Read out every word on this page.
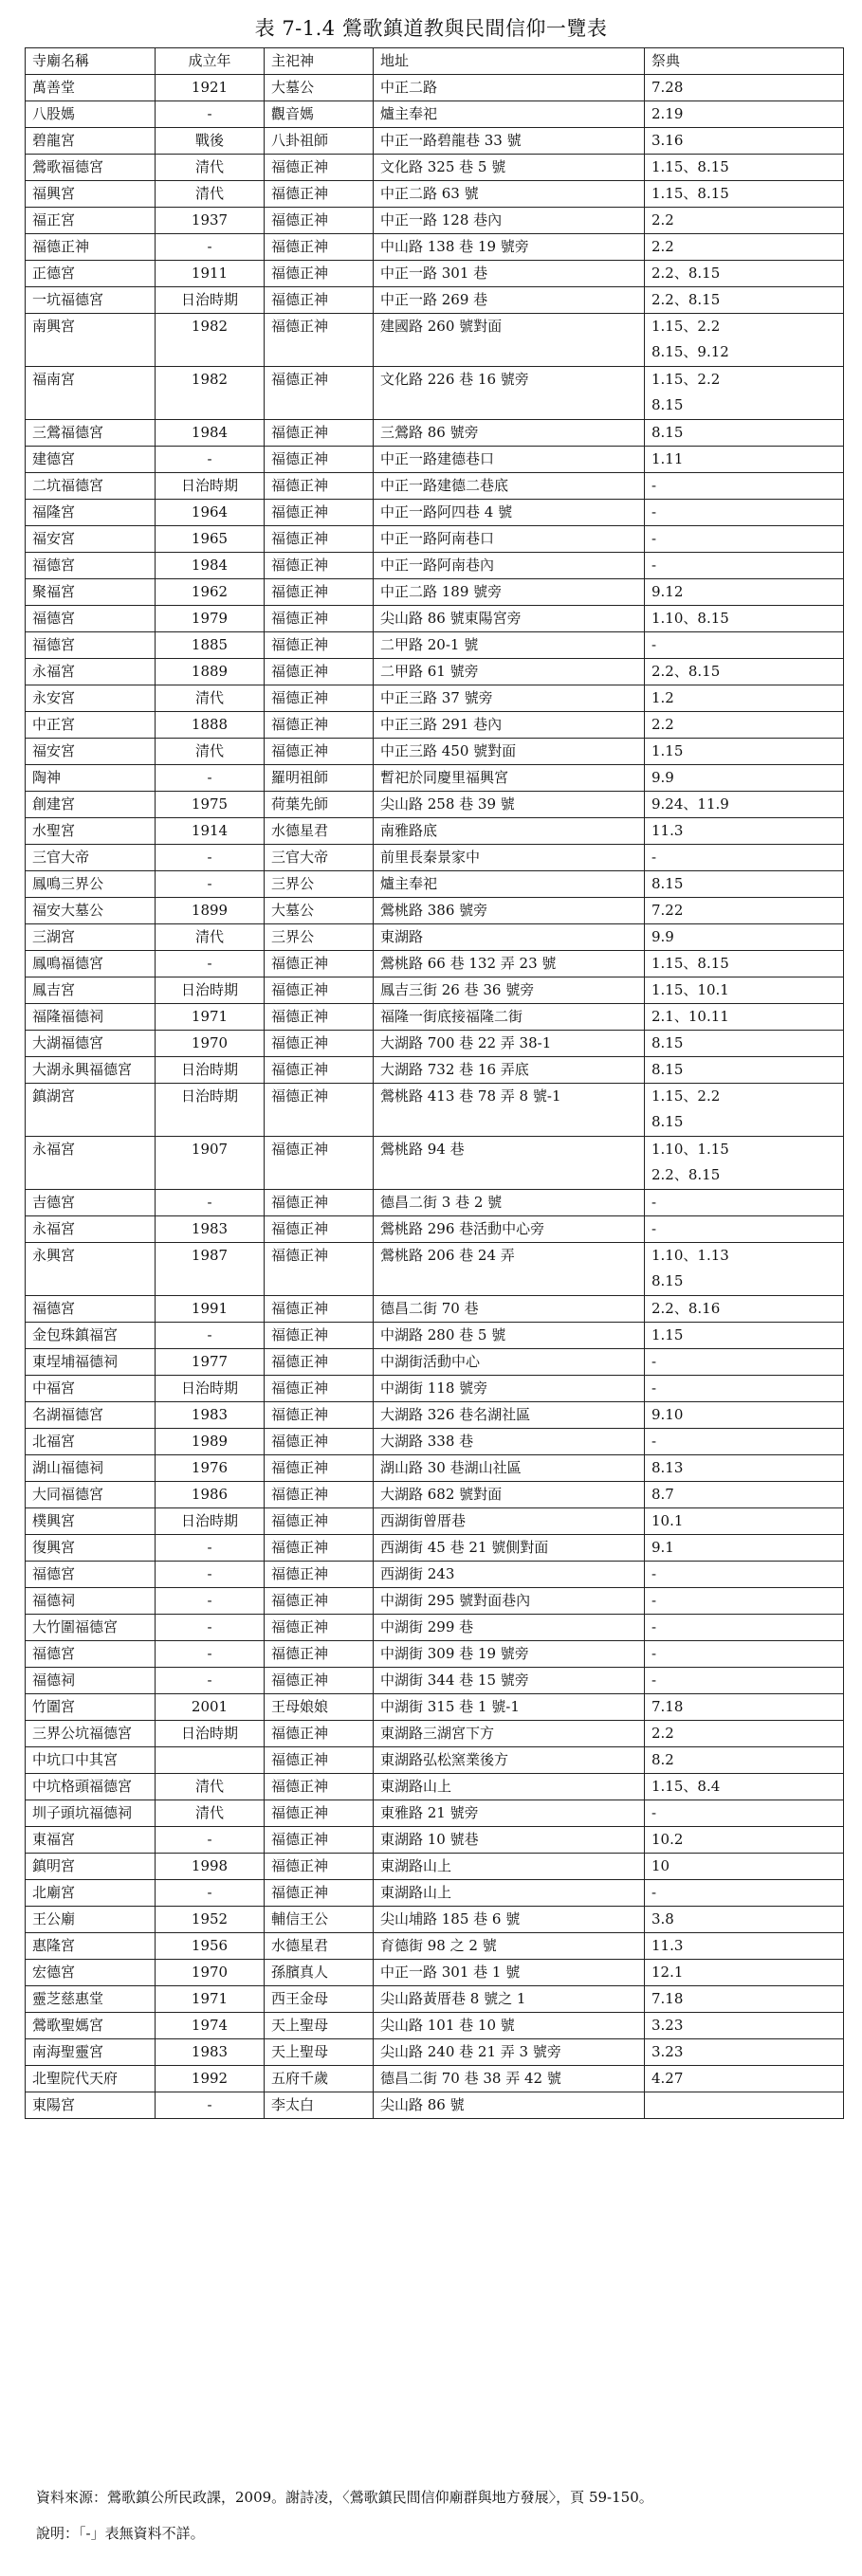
表 7-1.4 鶯歌鎮道教與民間信仰一覽表
寺廟名稱	成立年	主祀神	地址	祭典
萬善堂	1921	大墓公	中正二路	7.28
八股媽	-	觀音媽	爐主奉祀	2.19
碧龍宮	戰後	八卦祖師	中正一路碧龍巷 33 號	3.16
鶯歌福德宮	清代	福德正神	文化路 325 巷 5 號	1.15、8.15
福興宮	清代	福德正神	中正二路 63 號	1.15、8.15
福正宮	1937	福德正神	中正一路 128 巷內	2.2
福德正神	-	福德正神	中山路 138 巷 19 號旁	2.2
正德宮	1911	福德正神	中正一路 301 巷	2.2、8.15
一坑福德宮	日治時期	福德正神	中正一路 269 巷	2.2、8.15
南興宮	1982	福德正神	建國路 260 號對面	1.15、2.2
8.15、9.12
福南宮	1982	福德正神	文化路 226 巷 16 號旁	1.15、2.2
8.15
三鶯福德宮	1984	福德正神	三鶯路 86 號旁	8.15
建德宮	-	福德正神	中正一路建德巷口	1.11
二坑福德宮	日治時期	福德正神	中正一路建德二巷底	-
福隆宮	1964	福德正神	中正一路阿四巷 4 號	-
福安宮	1965	福德正神	中正一路阿南巷口	-
福德宮	1984	福德正神	中正一路阿南巷內	-
聚福宮	1962	福德正神	中正二路 189 號旁	9.12
福德宮	1979	福德正神	尖山路 86 號東陽宮旁	1.10、8.15
福德宮	1885	福德正神	二甲路 20-1 號	-
永福宮	1889	福德正神	二甲路 61 號旁	2.2、8.15
永安宮	清代	福德正神	中正三路 37 號旁	1.2
中正宮	1888	福德正神	中正三路 291 巷內	2.2
福安宮	清代	福德正神	中正三路 450 號對面	1.15
陶神	-	羅明祖師	暫祀於同慶里福興宮	9.9
創建宮	1975	荷葉先師	尖山路 258 巷 39 號	9.24、11.9
水聖宮	1914	水德星君	南雅路底	11.3
三官大帝	-	三官大帝	前里長秦景家中	-
鳳鳴三界公	-	三界公	爐主奉祀	8.15
福安大墓公	1899	大墓公	鶯桃路 386 號旁	7.22
三湖宮	清代	三界公	東湖路	9.9
鳳鳴福德宮	-	福德正神	鶯桃路 66 巷 132 弄 23 號	1.15、8.15
鳳吉宮	日治時期	福德正神	鳳吉三街 26 巷 36 號旁	1.15、10.1
福隆福德祠	1971	福德正神	福隆一街底接福隆二街	2.1、10.11
大湖福德宮	1970	福德正神	大湖路 700 巷 22 弄 38-1	8.15
大湖永興福德宮	日治時期	福德正神	大湖路 732 巷 16 弄底	8.15
鎮湖宮	日治時期	福德正神	鶯桃路 413 巷 78 弄 8 號-1	1.15、2.2
8.15
永福宮	1907	福德正神	鶯桃路 94 巷	1.10、1.15
2.2、8.15
吉德宮	-	福德正神	德昌二街 3 巷 2 號	-
永福宮	1983	福德正神	鶯桃路 296 巷活動中心旁	-
永興宮	1987	福德正神	鶯桃路 206 巷 24 弄	1.10、1.13
8.15
福德宮	1991	福德正神	德昌二街 70 巷	2.2、8.16
金包珠鎮福宮	-	福德正神	中湖路 280 巷 5 號	1.15
東埕埔福德祠	1977	福德正神	中湖街活動中心	-
中福宮	日治時期	福德正神	中湖街 118 號旁	-
名湖福德宮	1983	福德正神	大湖路 326 巷名湖社區	9.10
北福宮	1989	福德正神	大湖路 338 巷	-
湖山福德祠	1976	福德正神	湖山路 30 巷湖山社區	8.13
大同福德宮	1986	福德正神	大湖路 682 號對面	8.7
樸興宮	日治時期	福德正神	西湖街曾厝巷	10.1
復興宮	-	福德正神	西湖街 45 巷 21 號側對面	9.1
福德宮	-	福德正神	西湖街 243	-
福德祠	-	福德正神	中湖街 295 號對面巷內	-
大竹圍福德宮	-	福德正神	中湖街 299 巷	-
福德宮	-	福德正神	中湖街 309 巷 19 號旁	-
福德祠	-	福德正神	中湖街 344 巷 15 號旁	-
竹圍宮	2001	王母娘娘	中湖街 315 巷 1 號-1	7.18
三界公坑福德宮	日治時期	福德正神	東湖路三湖宮下方	2.2
中坑口中其宮		福德正神	東湖路弘松窯業後方	8.2
中坑格頭福德宮	清代	福德正神	東湖路山上	1.15、8.4
圳子頭坑福德祠	清代	福德正神	東雅路 21 號旁	-
東福宮	-	福德正神	東湖路 10 號巷	10.2
鎮明宮	1998	福德正神	東湖路山上	10
北廟宮	-	福德正神	東湖路山上	-
王公廟	1952	輔信王公	尖山埔路 185 巷 6 號	3.8
惠隆宮	1956	水德星君	育德街 98 之 2 號	11.3
宏德宮	1970	孫臏真人	中正一路 301 巷 1 號	12.1
靈芝慈惠堂	1971	西王金母	尖山路黃厝巷 8 號之 1	7.18
鶯歌聖媽宮	1974	天上聖母	尖山路 101 巷 10 號	3.23
南海聖靈宮	1983	天上聖母	尖山路 240 巷 21 弄 3 號旁	3.23
北聖院代天府	1992	五府千歲	德昌二街 70 巷 38 弄 42 號	4.27
東陽宮	-	李太白	尖山路 86 號	
資料來源：鶯歌鎮公所民政課，2009。謝詩凌，〈鶯歌鎮民間信仰廟群與地方發展〉，頁 59-150。
說明：「-」表無資料不詳。
